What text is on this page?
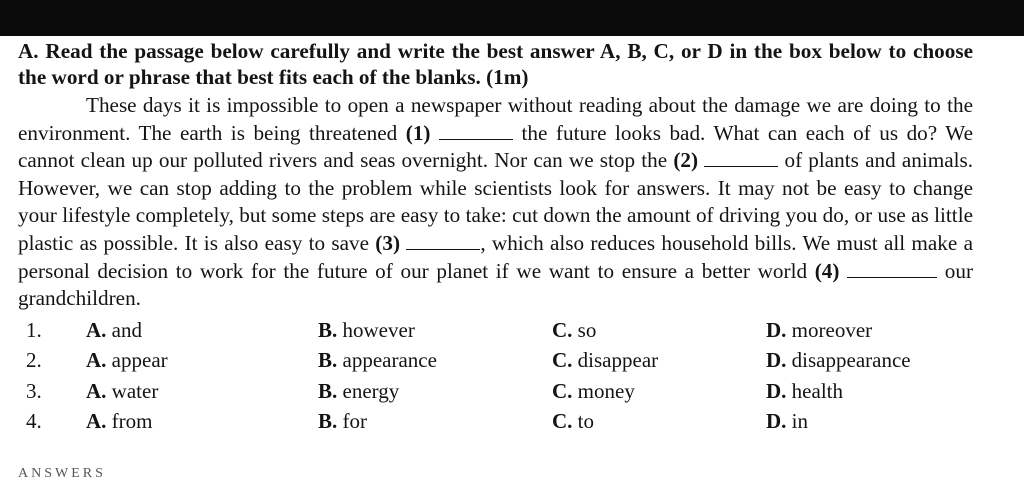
A. Read the passage below carefully and write the best answer A, B, C, or D in the box below to choose the word or phrase that best fits each of the blanks. (1m)

These days it is impossible to open a newspaper without reading about the damage we are doing to the environment. The earth is being threatened (1)	the future looks bad. What can each of us do? We cannot clean up our polluted rivers and seas overnight. Nor can we stop the (2)	of plants and animals. However, we can stop adding to the problem while scientists look for answers. It may not be easy to change your lifestyle completely, but some steps are easy to take: cut down the amount of driving you do, or use as little plastic as possible. It is also easy to save (3)	, which also reduces household bills. We must all make a personal decision to work for the future of our planet if we want to ensure a better world (4)	our grandchildren.

1. A. and	B. however	C. so	D. moreover
2. A. appear	B. appearance	C. disappear	D. disappearance
3. A. water	B. energy	C. money	D. health
4. A. from	B. for	C. to	D. in
ANSWERS
